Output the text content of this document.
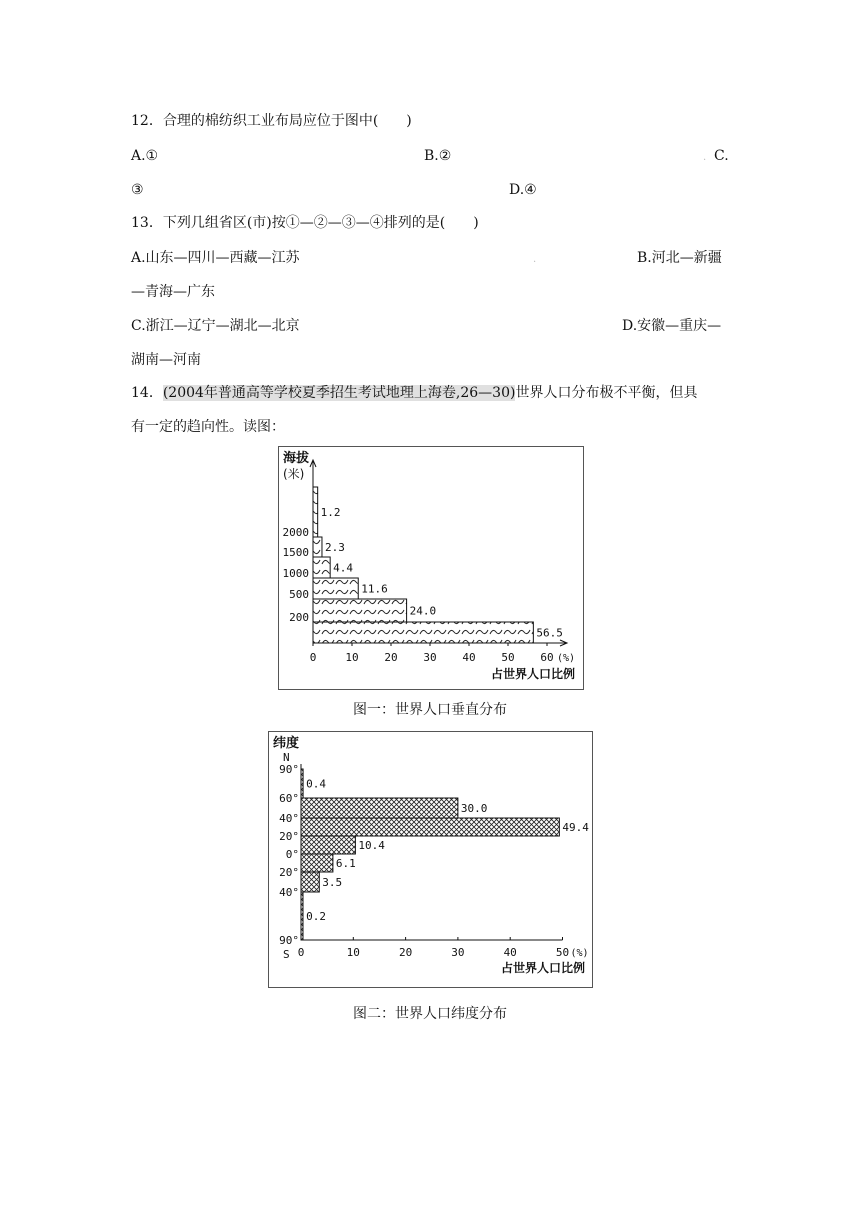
12．合理的棉纺织工业布局应位于图中(　　)
A.①	B.②	. C.
③	D.④
13．下列几组省区(市)按①—②—③—④排列的是(　　)
A.山东—四川—西藏—江苏	.	B.河北—新疆
—青海—广东
C.浙江—辽宁—湖北—北京	D.安徽—重庆—
湖南—河南
14．(2004年普通高等学校夏季招生考试地理上海卷,26—30)世界人口分布极不平衡，但具
有一定的趋向性。读图：
56.5
24.0
11.6
4.4
2.3
1.2
0	10 20 30 40 50 60 (%)
占世界人口比例
200
500
1000
1500
2000
海拔
(米)
图一：世界人口垂直分布
0.4
30.0
49.4
10.4
6.1
3.5
0.2
0	10	20	30	40	50 (%)
占世界人口比例
90°
60°
40°
20°
0°
20°
40°
90°
纬度
N
S
图二：世界人口纬度分布
